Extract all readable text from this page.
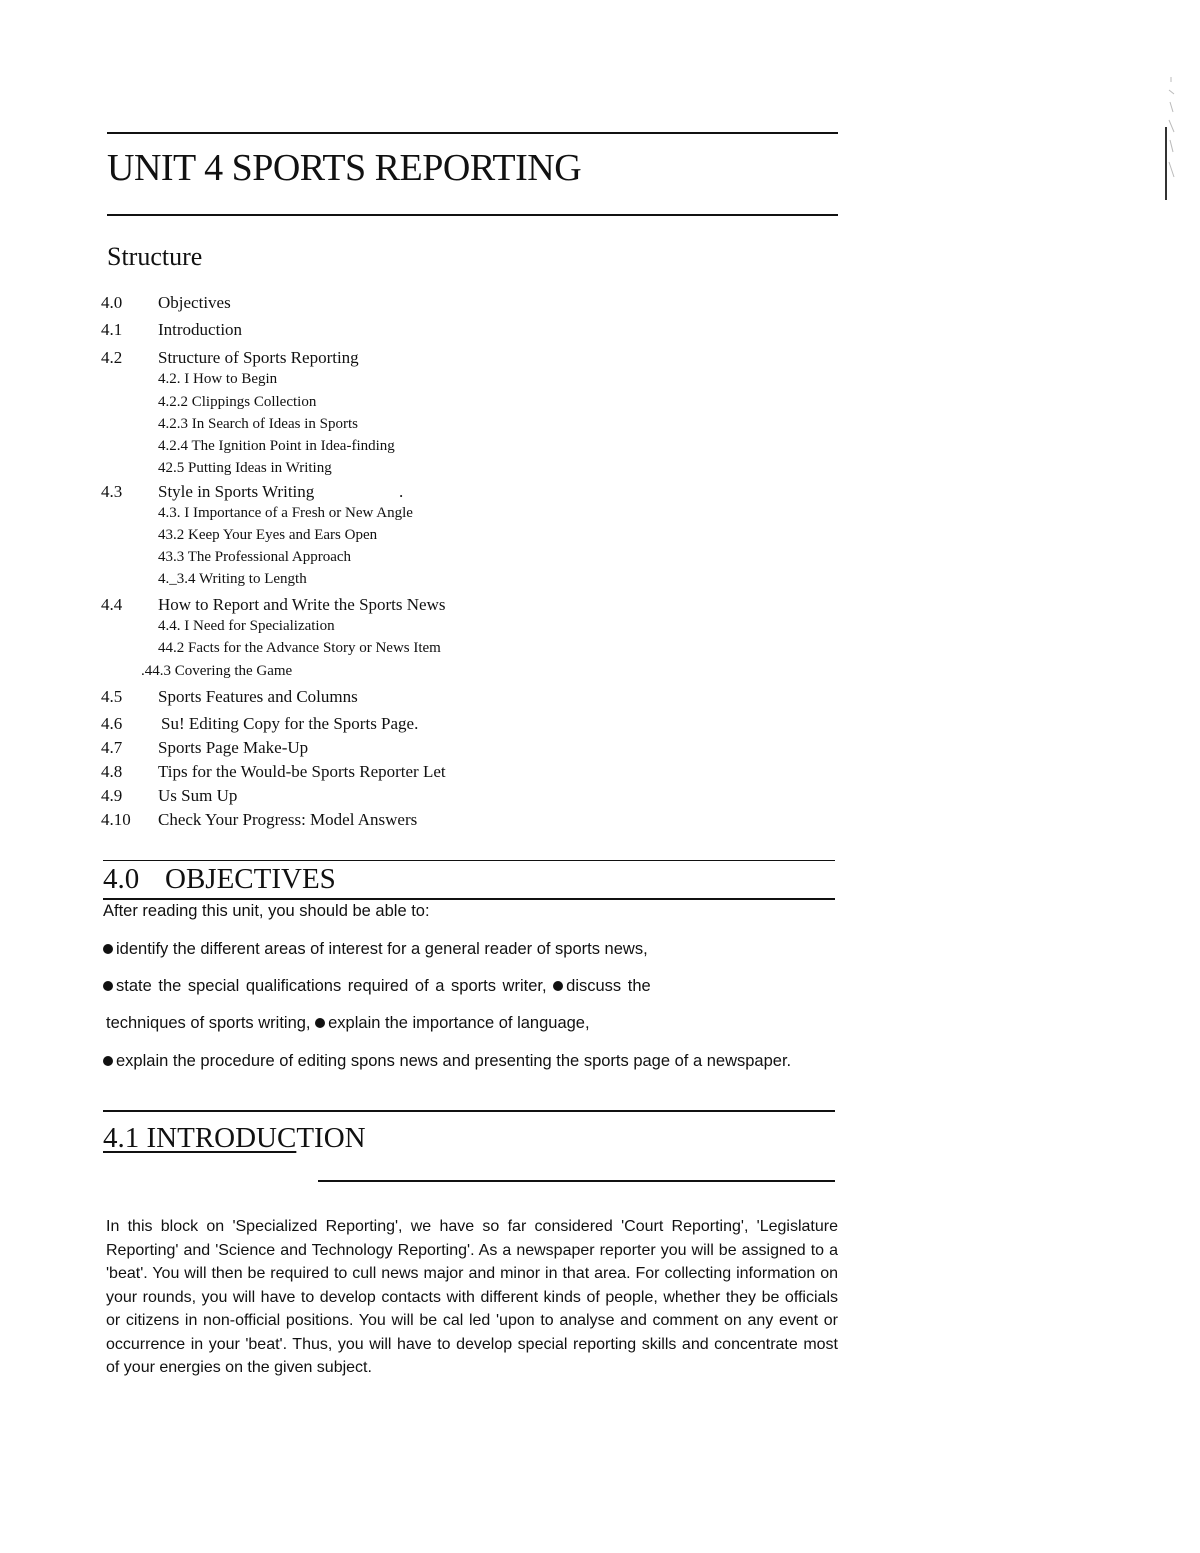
UNIT 4 SPORTS REPORTING
Structure
4.0 Objectives
4.1 Introduction
4.2 Structure of Sports Reporting
4.2. I How to Begin
4.2.2 Clippings Collection
4.2.3 In Search of Ideas in Sports
4.2.4 The Ignition Point in Idea-finding
42.5 Putting Ideas in Writing
4.3 Style in Sports Writing	.
4.3. I Importance of a Fresh or New Angle
43.2 Keep Your Eyes and Ears Open
43.3 The Professional Approach
4._3.4 Writing to Length
4.4 How to Report and Write the Sports News
4.4. I Need for Specialization
44.2 Facts for the Advance Story or News Item
.44.3 Covering the Game
4.5 Sports Features and Columns
4.6 Su! Editing Copy for the Sports Page.
4.7 Sports Page Make-Up
4.8 Tips for the Would-be Sports Reporter Let
4.9 Us Sum Up
4.10 Check Your Progress: Model Answers
4.0 OBJECTIVES
After reading this unit, you should be able to:
identify the different areas of interest for a general reader of sports news,
state the special qualifications required of a sports writer, discuss the
techniques of sports writing, explain the importance of language,
explain the procedure of editing spons news and presenting the sports page of a newspaper.
4.1 INTRODUCTION
In this block on 'Specialized Reporting', we have so far considered 'Court Reporting', 'Legislature Reporting' and 'Science and Technology Reporting'. As a newspaper reporter you will be assigned to a 'beat'. You will then be required to cull news major and minor in that area. For collecting information on your rounds, you will have to develop contacts with different kinds of people, whether they be officials or citizens in non-official positions. You will be cal led 'upon to analyse and comment on any event or occurrence in your 'beat'. Thus, you will have to develop special reporting skills and concentrate most of your energies on the given subject.
